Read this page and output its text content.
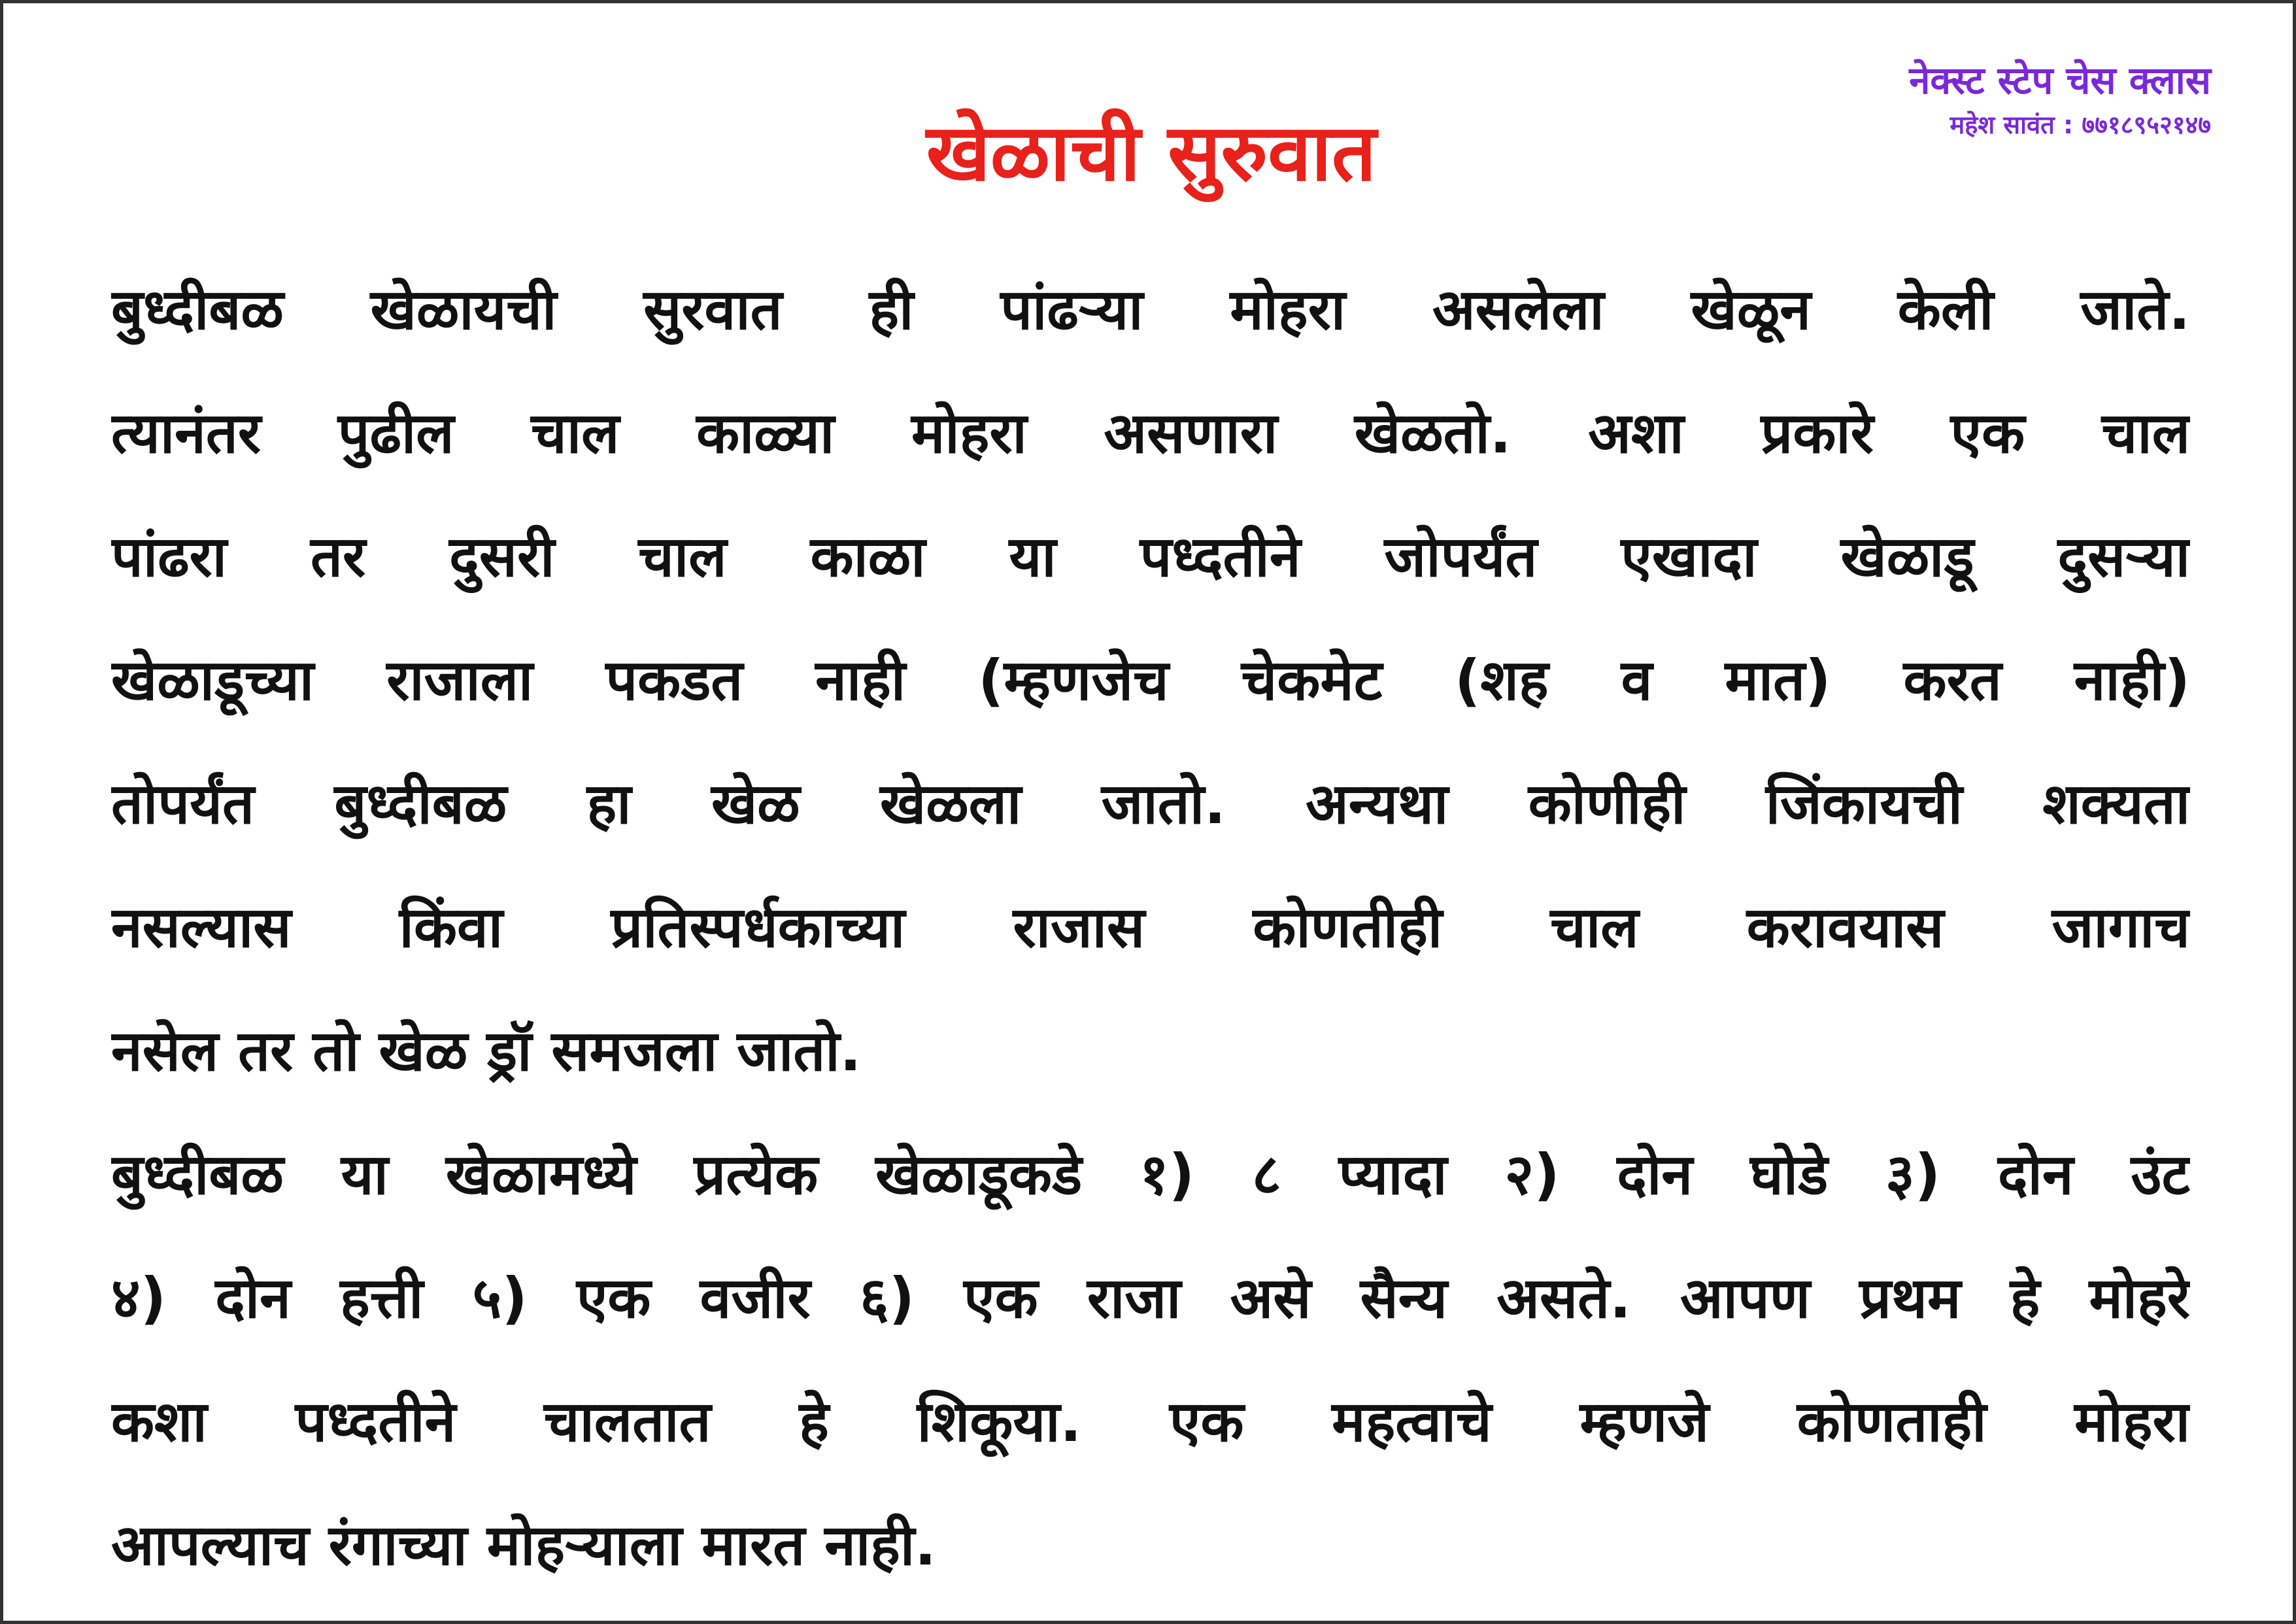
नेक्स्ट स्टेप चेस क्लास
महेश सावंत : ७७१८९५२१४७
खेळाची सुरुवात
बुध्दीबळ खेळायची सुरवात ही पांढऱ्या मोहरा असलेला खेळून केली जाते.
त्यानंतर पुढील चाल काळ्या मोहरा असणारा खेळतो. अशा प्रकारे एक चाल
पांढरा तर दुसरी चाल काळा या पध्दतीने जोपर्यंत एखादा खेळाडू दुसऱ्या
खेळाडूच्या राजाला पकडत नाही (म्हणजेच चेकमेट (शह व मात) करत नाही)
तोपर्यंत बुध्दीबळ हा खेळ खेळला जातो. अन्यथा कोणीही जिंकायची शक्यता
नसल्यास किंवा प्रतिस्पर्धकाच्या राजास कोणतीही चाल करावयास जागाच
नसेल तर तो खेळ ड्रॉ समजला जातो.
बुध्दीबळ या खेळामध्ये प्रत्येक खेळाडूकडे १) ८ प्यादा २) दोन घोडे ३) दोन उंट
४) दोन हत्ती ५) एक वजीर ६) एक राजा असे सैन्य असते. आपण प्रथम हे मोहरे
कशा पध्दतीने चालतात हे शिकूया. एक महत्वाचे म्हणजे कोणताही मोहरा
आपल्याच रंगाच्या मोहऱ्याला मारत नाही.
